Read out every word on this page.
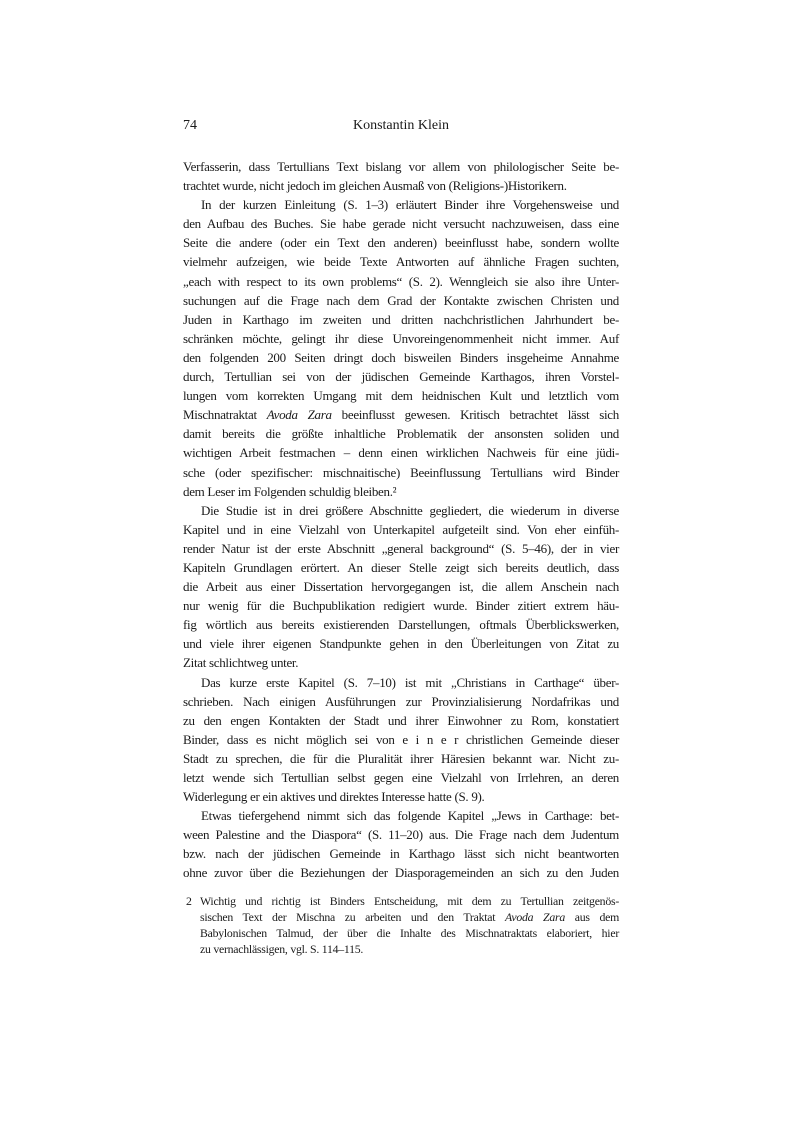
74	Konstantin Klein
Verfasserin, dass Tertullians Text bislang vor allem von philologischer Seite be-
trachtet wurde, nicht jedoch im gleichen Ausmaß von (Religions-)Historikern.
In der kurzen Einleitung (S. 1–3) erläutert Binder ihre Vorgehensweise und
den Aufbau des Buches. Sie habe gerade nicht versucht nachzuweisen, dass eine
Seite die andere (oder ein Text den anderen) beeinflusst habe, sondern wollte
vielmehr aufzeigen, wie beide Texte Antworten auf ähnliche Fragen suchten,
„each with respect to its own problems“ (S. 2). Wenngleich sie also ihre Unter-
suchungen auf die Frage nach dem Grad der Kontakte zwischen Christen und
Juden in Karthago im zweiten und dritten nachchristlichen Jahrhundert be-
schränken möchte, gelingt ihr diese Unvoreingenommenheit nicht immer. Auf
den folgenden 200 Seiten dringt doch bisweilen Binders insgeheime Annahme
durch, Tertullian sei von der jüdischen Gemeinde Karthagos, ihren Vorstel-
lungen vom korrekten Umgang mit dem heidnischen Kult und letztlich vom
Mischnatraktat Avoda Zara beeinflusst gewesen. Kritisch betrachtet lässt sich
damit bereits die größte inhaltliche Problematik der ansonsten soliden und
wichtigen Arbeit festmachen – denn einen wirklichen Nachweis für eine jüdi-
sche (oder spezifischer: mischnaitische) Beeinflussung Tertullians wird Binder
dem Leser im Folgenden schuldig bleiben.²
Die Studie ist in drei größere Abschnitte gegliedert, die wiederum in diverse
Kapitel und in eine Vielzahl von Unterkapitel aufgeteilt sind. Von eher einfüh-
render Natur ist der erste Abschnitt „general background“ (S. 5–46), der in vier
Kapiteln Grundlagen erörtert. An dieser Stelle zeigt sich bereits deutlich, dass
die Arbeit aus einer Dissertation hervorgegangen ist, die allem Anschein nach
nur wenig für die Buchpublikation redigiert wurde. Binder zitiert extrem häu-
fig wörtlich aus bereits existierenden Darstellungen, oftmals Überblickswerken,
und viele ihrer eigenen Standpunkte gehen in den Überleitungen von Zitat zu
Zitat schlichtweg unter.
Das kurze erste Kapitel (S. 7–10) ist mit „Christians in Carthage“ über-
schrieben. Nach einigen Ausführungen zur Provinzialisierung Nordafrikas und
zu den engen Kontakten der Stadt und ihrer Einwohner zu Rom, konstatiert
Binder, dass es nicht möglich sei von e i n e r christlichen Gemeinde dieser
Stadt zu sprechen, die für die Pluralität ihrer Häresien bekannt war. Nicht zu-
letzt wende sich Tertullian selbst gegen eine Vielzahl von Irrlehren, an deren
Widerlegung er ein aktives und direktes Interesse hatte (S. 9).
Etwas tiefergehend nimmt sich das folgende Kapitel „Jews in Carthage: bet-
ween Palestine and the Diaspora“ (S. 11–20) aus. Die Frage nach dem Judentum
bzw. nach der jüdischen Gemeinde in Karthago lässt sich nicht beantworten
ohne zuvor über die Beziehungen der Diasporagemeinden an sich zu den Juden
2 Wichtig und richtig ist Binders Entscheidung, mit dem zu Tertullian zeitgenös-
sischen Text der Mischna zu arbeiten und den Traktat Avoda Zara aus dem
Babylonischen Talmud, der über die Inhalte des Mischnatraktats elaboriert, hier
zu vernachlässigen, vgl. S. 114–115.
